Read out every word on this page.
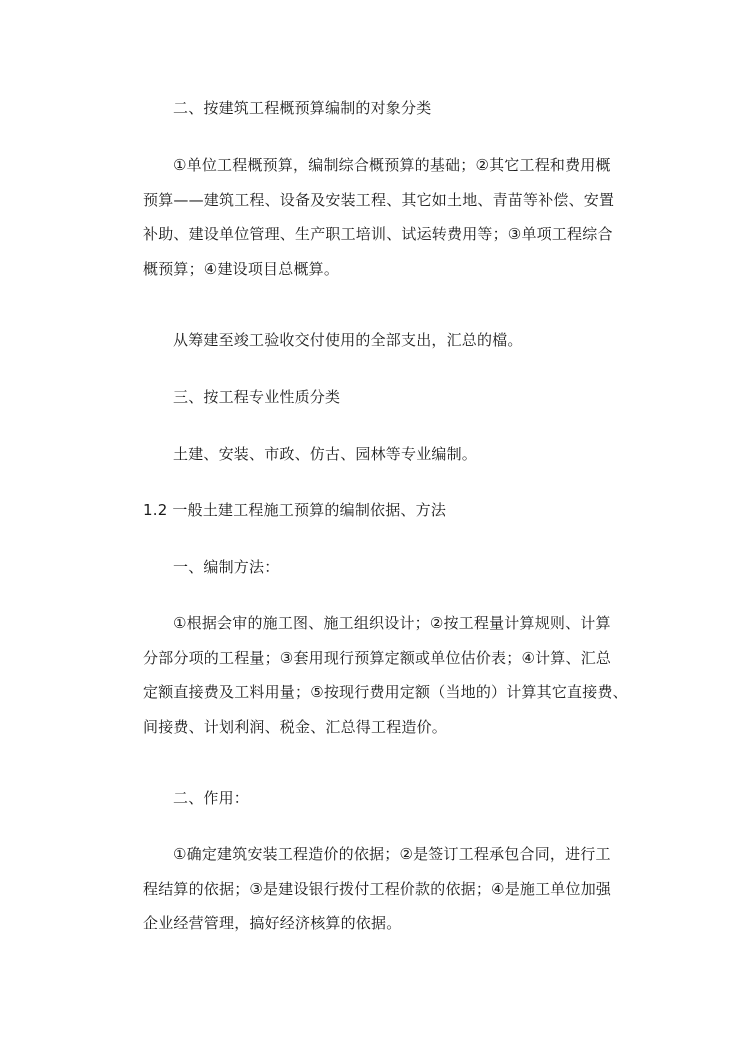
二、按建筑工程概预算编制的对象分类

①单位工程概预算，编制综合概预算的基础；②其它工程和费用概
预算——建筑工程、设备及安装工程、其它如土地、青苗等补偿、安置
补助、建设单位管理、生产职工培训、试运转费用等；③单项工程综合
概预算；④建设项目总概算。

从筹建至竣工验收交付使用的全部支出，汇总的檔。

三、按工程专业性质分类

土建、安装、市政、仿古、园林等专业编制。

1.2 一般土建工程施工预算的编制依据、方法

一、编制方法：

①根据会审的施工图、施工组织设计；②按工程量计算规则、计算
分部分项的工程量；③套用现行预算定额或单位估价表；④计算、汇总
定额直接费及工料用量；⑤按现行费用定额（当地的）计算其它直接费、
间接费、计划利润、税金、汇总得工程造价。

二、作用：

①确定建筑安装工程造价的依据；②是签订工程承包合同，进行工
程结算的依据；③是建设银行拨付工程价款的依据；④是施工单位加强
企业经营管理，搞好经济核算的依据。
